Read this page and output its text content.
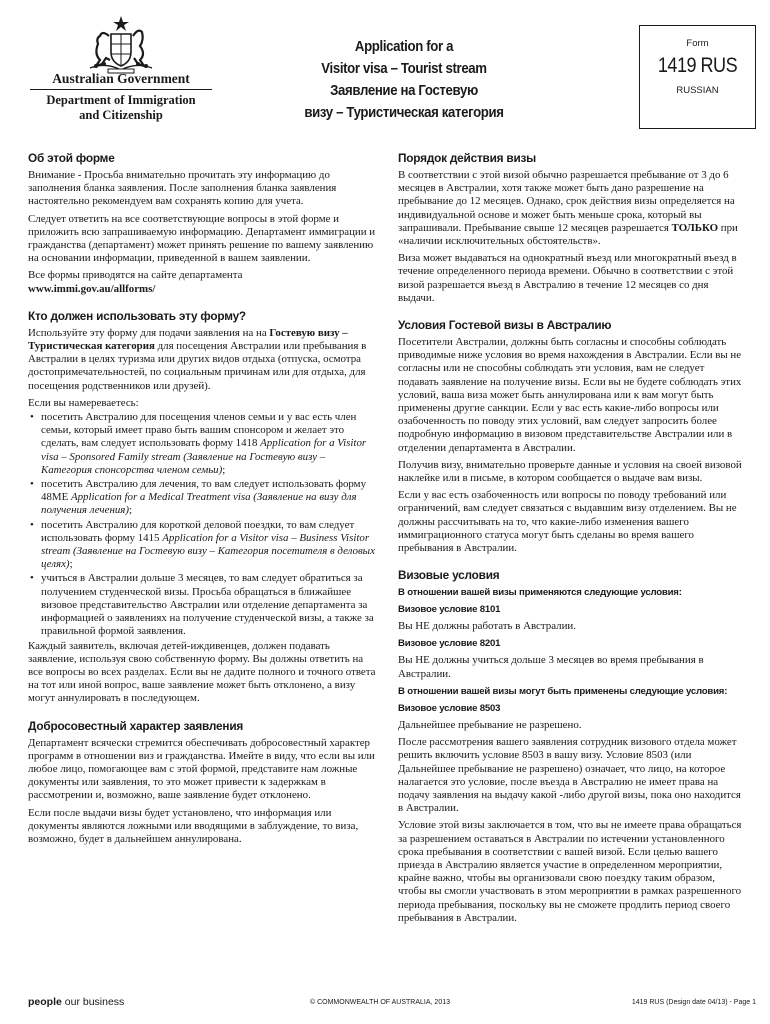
Australian Government
Department of Immigration
and Citizenship
Application for a
Visitor visa – Tourist stream
Заявление на Гостевую
визу – Туристическая категория
Form
1419 RUS
RUSSIAN
Об этой форме

Внимание - Просьба внимательно прочитать эту информацию до заполнения бланка заявления. После заполнения бланка заявления настоятельно рекомендуем вам сохранять копию для учета.

Следует ответить на все соответствующие вопросы в этой форме и приложить всю запрашиваемую информацию. Департамент иммиграции и гражданства (департамент) может принять решение по вашему заявлению на основании информации, приведенной в вашем заявлении.

Все формы приводятся на сайте департамента
www.immi.gov.au/allforms/

Кто должен использовать эту форму?

Используйте эту форму для подачи заявления на на Гостевую визу – Туристическая категория для посещения Австралии или пребывания в Австралии в целях туризма или других видов отдыха (отпуска, осмотра достопримечательностей, по социальным причинам или для отдыха, для посещения родственников или друзей).

Если вы намереваетесь:

• посетить Австралию для посещения членов семьи и у вас есть член семьи, который имеет право быть вашим спонсором и желает это сделать, вам следует использовать форму 1418 Application for a Visitor visa – Sponsored Family stream (Заявление на Гостевую визу –Категория спонсорства членом семьи);
• посетить Австралию для лечения, то вам следует использовать форму 48ME Application for a Medical Treatment visa (Заявление на визу для получения лечения);
• посетить Австралию для короткой деловой поездки, то вам следует использовать форму 1415 Application for a Visitor visa – Business Visitor stream (Заявление на Гостевую визу – Категория посетителя в деловых целях);
• учиться в Австралии дольше 3 месяцев, то вам следует обратиться за получением студенческой визы. Просьба обращаться в ближайшее визовое представительство Австралии или отделение департамента за информацией о заявлениях на получение студенческой визы, а также за правильной формой заявления.

Каждый заявитель, включая детей-иждивенцев, должен подавать заявление, используя свою собственную форму. Вы должны ответить на все вопросы во всех разделах. Если вы не дадите полного и точного ответа на тот или иной вопрос, ваше заявление может быть отклонено, а визу могут аннулировать в последующем.

Добросовестный характер заявления

Департамент всячески стремится обеспечивать добросовестный характер программ в отношении виз и гражданства. Имейте в виду, что если вы или любое лицо, помогающее вам с этой формой, представите нам ложные документы или заявления, то это может привести к задержкам в рассмотрении и, возможно, ваше заявление будет отклонено.

Если после выдачи визы будет установлено, что информация или документы являются ложными или вводящими в заблуждение, то виза, возможно, будет в дальнейшем аннулирована.

Порядок действия визы

В соответствии с этой визой обычно разрешается пребывание от 3 до 6 месяцев в Австралии, хотя также может быть дано разрешение на пребывание до 12 месяцев. Однако, срок действия визы определяется на индивидуальной основе и может быть меньше срока, который вы запрашивали. Пребывание свыше 12 месяцев разрешается ТОЛЬКО при «наличии исключительных обстоятельств».

Виза может выдаваться на однократный въезд или многократный въезд в течение определенного периода времени. Обычно в соответствии с этой визой разрешается въезд в Австралию в течение 12 месяцев со дня выдачи.

Условия Гостевой визы в Австралию

Посетители Австралии, должны быть согласны и способны соблюдать приводимые ниже условия во время нахождения в Австралии. Если вы не согласны или не способны соблюдать эти условия, вам не следует подавать заявление на получение визы. Если вы не будете соблюдать этих условий, ваша виза может быть аннулирована или к вам могут быть применены другие санкции. Если у вас есть какие-либо вопросы или озабоченность по поводу этих условий, вам следует запросить более подробную информацию в визовом представительстве Австралии или в отделении департамента в Австралии.

Получив визу, внимательно проверьте данные и условия на своей визовой наклейке или в письме, в котором сообщается о выдаче вам визы.

Если у вас есть озабоченность или вопросы по поводу требований или ограничений, вам следует связаться с выдавшим визу отделением. Вы не должны рассчитывать на то, что какие-либо изменения вашего иммиграционного статуса могут быть сделаны во время вашего пребывания в Австралии.

Визовые условия
В отношении вашей визы применяются следующие условия:
Визовое условие 8101

Вы НЕ должны работать в Австралии.

Визовое условие 8201

Вы НЕ должны учиться дольше 3 месяцев во время пребывания в Австралии.

В отношении вашей визы могут быть применены следующие условия:
Визовое условие 8503

Дальнейшее пребывание не разрешено.

После рассмотрения вашего заявления сотрудник визового отдела может решить включить условие 8503 в вашу визу. Условие 8503 (или Дальнейшее пребывание не разрешено) означает, что лицо, на которое налагается это условие, после въезда в Австралию не имеет права на подачу заявления на выдачу какой -либо другой визы, пока оно находится в Австралии.

Условие этой визы заключается в том, что вы не имеете права обращаться за разрешением оставаться в Австралии по истечении установленного срока пребывания в соответствии с вашей визой. Если целью вашего приезда в Австралию является участие в определенном мероприятии, крайне важно, чтобы вы организовали свою поездку таким образом, чтобы вы смогли участвовать в этом мероприятии в рамках разрешенного периода пребывания, поскольку вы не сможете продлить период своего пребывания в Австралии.

people our business	© COMMONWEALTH OF AUSTRALIA, 2013	1419 RUS (Design date 04/13) - Page 1
